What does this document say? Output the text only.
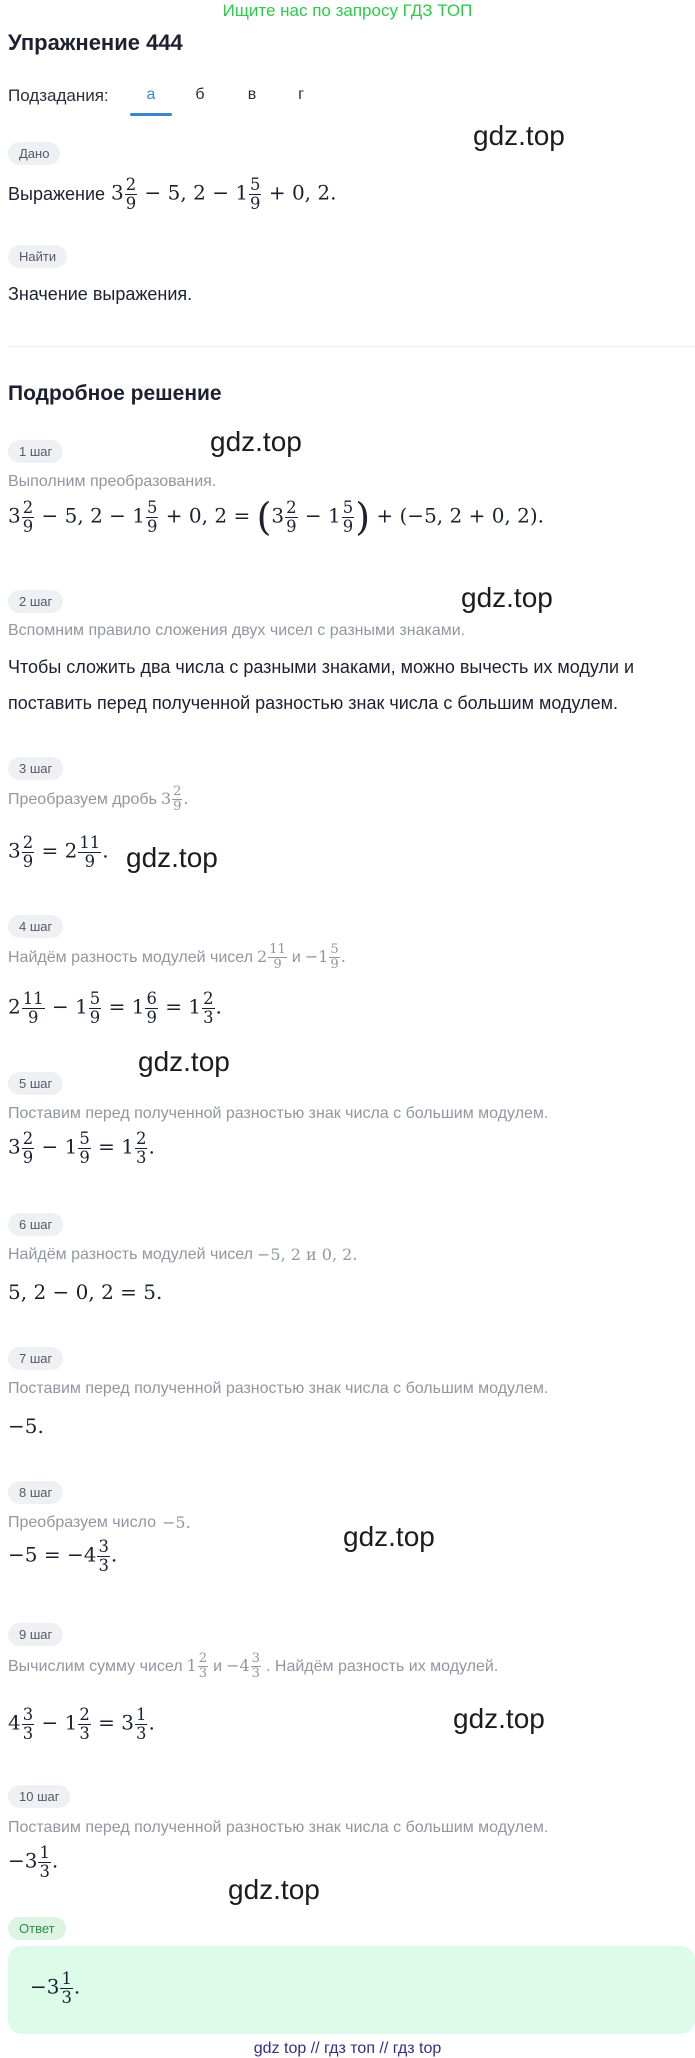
Ищите нас по запросу ГДЗ ТОП
Упражнение 444
Подзадания:	а	б	в	г
Дано
gdz.top
Выражение $3 \frac{2}{9} - 5$, $2 - 1 \frac{5}{9} + 0$, 2.
Найти
Значение выражения.
Подробное решение
1 шаг	gdz.top
Выполним преобразования.
$3 \frac{2}{9} - 5$, $2 - 1 \frac{5}{9} + 0$, $2 = (3 \frac{2}{9} - 1 \frac{5}{9}$ ) + (−5, 2 + 0, 2).
2 шаг	gdz.top
Вспомним правило сложения двух чисел с разными знаками.
Чтобы сложить два числа с разными знаками, можно вычесть их модули и
поставить перед полученной разностью знак числа с большим модулем.
3 шаг
Преобразуем дробь $3 \frac{2}{9}$ .
$3 \frac{2}{9} = 2 \frac{11}{9}$ . gdz.top
4 шаг
Найдём разность модулей чисел $2 \frac{11}{9}$ $и -1 \frac{5}{9}$ .
$2 \frac{11}{9} - 1 \frac{5}{9} = 1 \frac{6}{9} = 1 \frac{2}{3}$ .
gdz.top
5 шаг
Поставим перед полученной разностью знак числа с большим модулем.
$3 \frac{2}{9} - 1 \frac{5}{9} = 1 \frac{2}{3}$ .
6 шаг
Найдём разность модулей чисел −5, 2 и 0, 2.
5, 2 − 0, 2 = 5.
7 шаг
Поставим перед полученной разностью знак числа с большим модулем.
−5.
8 шаг
Преобразуем число −5.
$-5 = -4 \frac{3}{3}$ .
gdz.top
9 шаг
Вычислим сумму чисел $1 \frac{2}{3}$ $и -4 \frac{3}{3}$ . Найдём разность их модулей.
$4 \frac{3}{3} - 1 \frac{2}{3} = 3 \frac{1}{3}$ .	gdz.top
10 шаг
Поставим перед полученной разностью знак числа с большим модулем.
$-3 \frac{1}{3}$ .
gdz.top
Ответ
$-3 \frac{1}{3}$ .
gdz top // гдз топ // гдз top
